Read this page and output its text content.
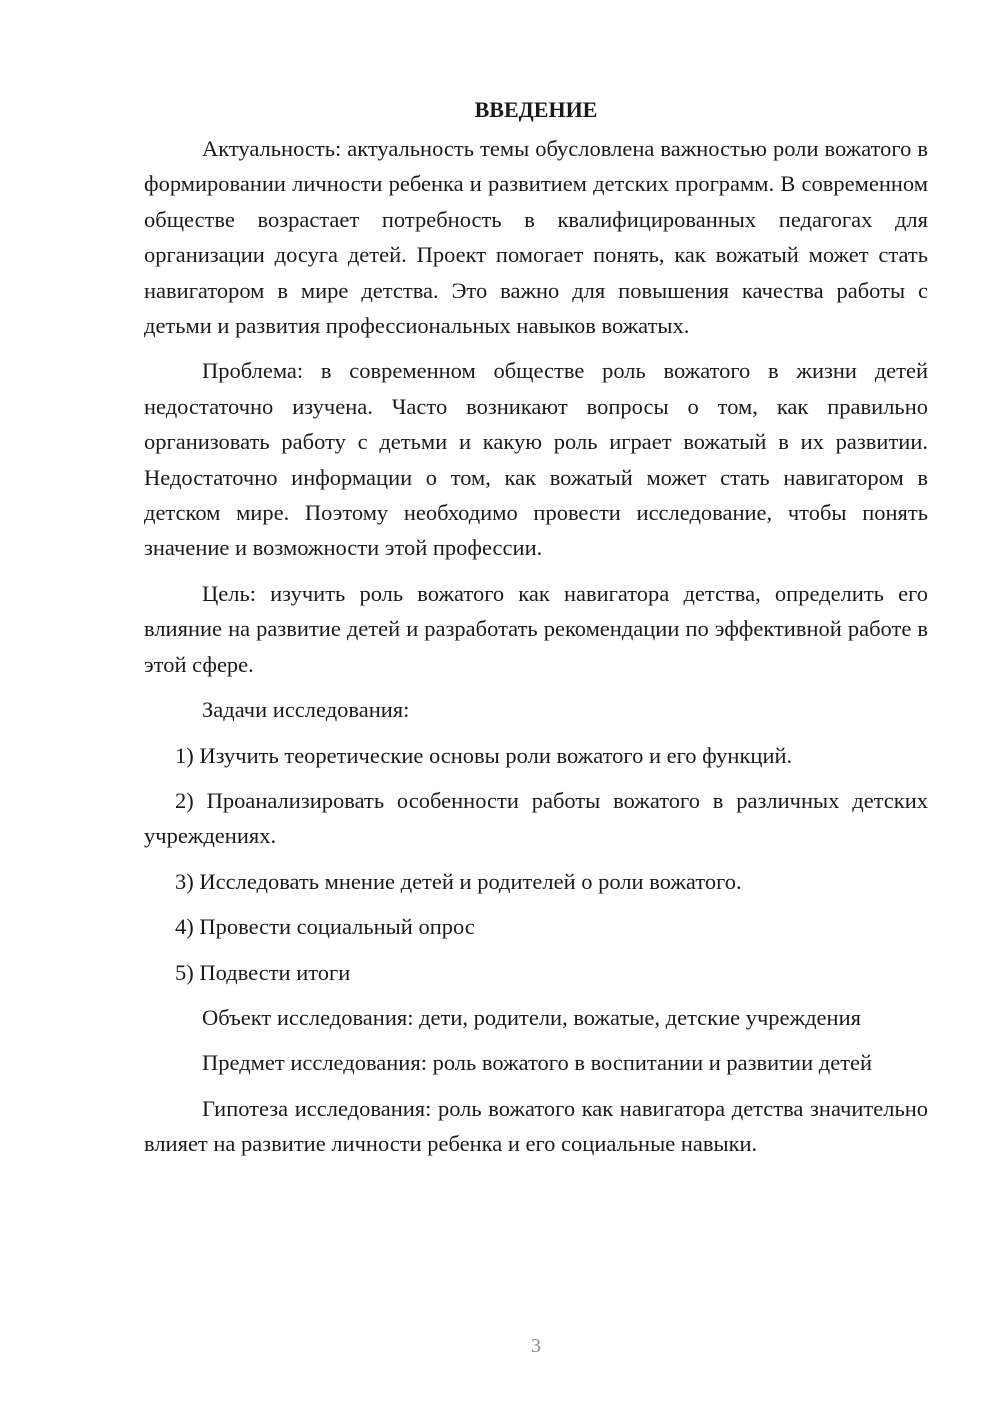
ВВЕДЕНИЕ

Актуальность: актуальность темы обусловлена важностью роли вожатого в формировании личности ребенка и развитием детских программ. В современном обществе возрастает потребность в квалифицированных педагогах для организации досуга детей. Проект помогает понять, как вожатый может стать навигатором в мире детства. Это важно для повышения качества работы с детьми и развития профессиональных навыков вожатых.

Проблема: в современном обществе роль вожатого в жизни детей недостаточно изучена. Часто возникают вопросы о том, как правильно организовать работу с детьми и какую роль играет вожатый в их развитии. Недостаточно информации о том, как вожатый может стать навигатором в детском мире. Поэтому необходимо провести исследование, чтобы понять значение и возможности этой профессии.

Цель: изучить роль вожатого как навигатора детства, определить его влияние на развитие детей и разработать рекомендации по эффективной работе в этой сфере.

Задачи исследования:

1) Изучить теоретические основы роли вожатого и его функций.

2) Проанализировать особенности работы вожатого в различных детских учреждениях.

3) Исследовать мнение детей и родителей о роли вожатого.

4) Провести социальный опрос

5) Подвести итоги

Объект исследования: дети, родители, вожатые, детские учреждения

Предмет исследования: роль вожатого в воспитании и развитии детей

Гипотеза исследования: роль вожатого как навигатора детства значительно влияет на развитие личности ребенка и его социальные навыки.

3
